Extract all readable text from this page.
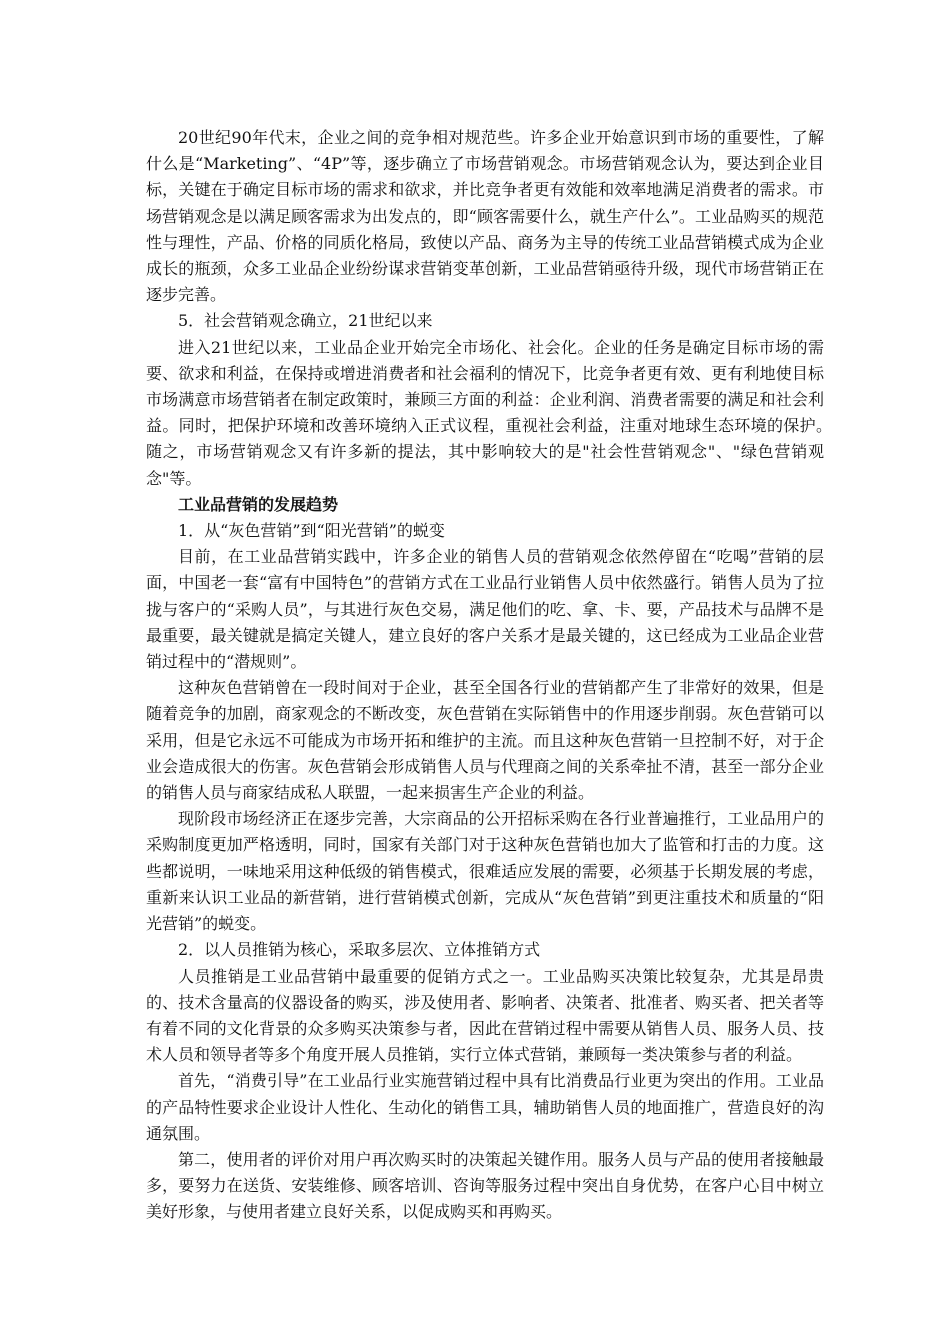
20世纪90年代末，企业之间的竞争相对规范些。许多企业开始意识到市场的重要性，了解什么是“Marketing”、“4P”等，逐步确立了市场营销观念。市场营销观念认为，要达到企业目标，关键在于确定目标市场的需求和欲求，并比竞争者更有效能和效率地满足消费者的需求。市场营销观念是以满足顾客需求为出发点的，即“顾客需要什么，就生产什么”。工业品购买的规范性与理性，产品、价格的同质化格局，致使以产品、商务为主导的传统工业品营销模式成为企业成长的瓶颈，众多工业品企业纷纷谋求营销变革创新，工业品营销亟待升级，现代市场营销正在逐步完善。

5．社会营销观念确立，21世纪以来

进入21世纪以来，工业品企业开始完全市场化、社会化。企业的任务是确定目标市场的需要、欲求和利益，在保持或增进消费者和社会福利的情况下，比竞争者更有效、更有利地使目标市场满意市场营销者在制定政策时，兼顾三方面的利益：企业利润、消费者需要的满足和社会利益。同时，把保护环境和改善环境纳入正式议程，重视社会利益，注重对地球生态环境的保护。　随之，市场营销观念又有许多新的提法，其中影响较大的是"社会性营销观念"、"绿色营销观念"等。

工业品营销的发展趋势

1．从“灰色营销”到“阳光营销”的蜕变

目前，在工业品营销实践中，许多企业的销售人员的营销观念依然停留在“吃喝”营销的层面，中国老一套“富有中国特色”的营销方式在工业品行业销售人员中依然盛行。销售人员为了拉拢与客户的“采购人员”，与其进行灰色交易，满足他们的吃、拿、卡、要，产品技术与品牌不是最重要，最关键就是搞定关键人，建立良好的客户关系才是最关键的，这已经成为工业品企业营销过程中的“潜规则”。

这种灰色营销曾在一段时间对于企业，甚至全国各行业的营销都产生了非常好的效果，但是随着竞争的加剧，商家观念的不断改变，灰色营销在实际销售中的作用逐步削弱。灰色营销可以采用，但是它永远不可能成为市场开拓和维护的主流。而且这种灰色营销一旦控制不好，对于企业会造成很大的伤害。灰色营销会形成销售人员与代理商之间的关系牵扯不清，甚至一部分企业的销售人员与商家结成私人联盟，一起来损害生产企业的利益。

现阶段市场经济正在逐步完善，大宗商品的公开招标采购在各行业普遍推行，工业品用户的采购制度更加严格透明，同时，国家有关部门对于这种灰色营销也加大了监管和打击的力度。这些都说明，一味地采用这种低级的销售模式，很难适应发展的需要，必须基于长期发展的考虑，重新来认识工业品的新营销，进行营销模式创新，完成从“灰色营销”到更注重技术和质量的“阳光营销”的蜕变。

2．以人员推销为核心，采取多层次、立体推销方式

人员推销是工业品营销中最重要的促销方式之一。工业品购买决策比较复杂，尤其是昂贵的、技术含量高的仪器设备的购买，涉及使用者、影响者、决策者、批准者、购买者、把关者等有着不同的文化背景的众多购买决策参与者，因此在营销过程中需要从销售人员、服务人员、技术人员和领导者等多个角度开展人员推销，实行立体式营销，兼顾每一类决策参与者的利益。

首先，“消费引导”在工业品行业实施营销过程中具有比消费品行业更为突出的作用。工业品的产品特性要求企业设计人性化、生动化的销售工具，辅助销售人员的地面推广，营造良好的沟通氛围。

第二，使用者的评价对用户再次购买时的决策起关键作用。服务人员与产品的使用者接触最多，要努力在送货、安装维修、顾客培训、咨询等服务过程中突出自身优势，在客户心目中树立美好形象，与使用者建立良好关系，以促成购买和再购买。
